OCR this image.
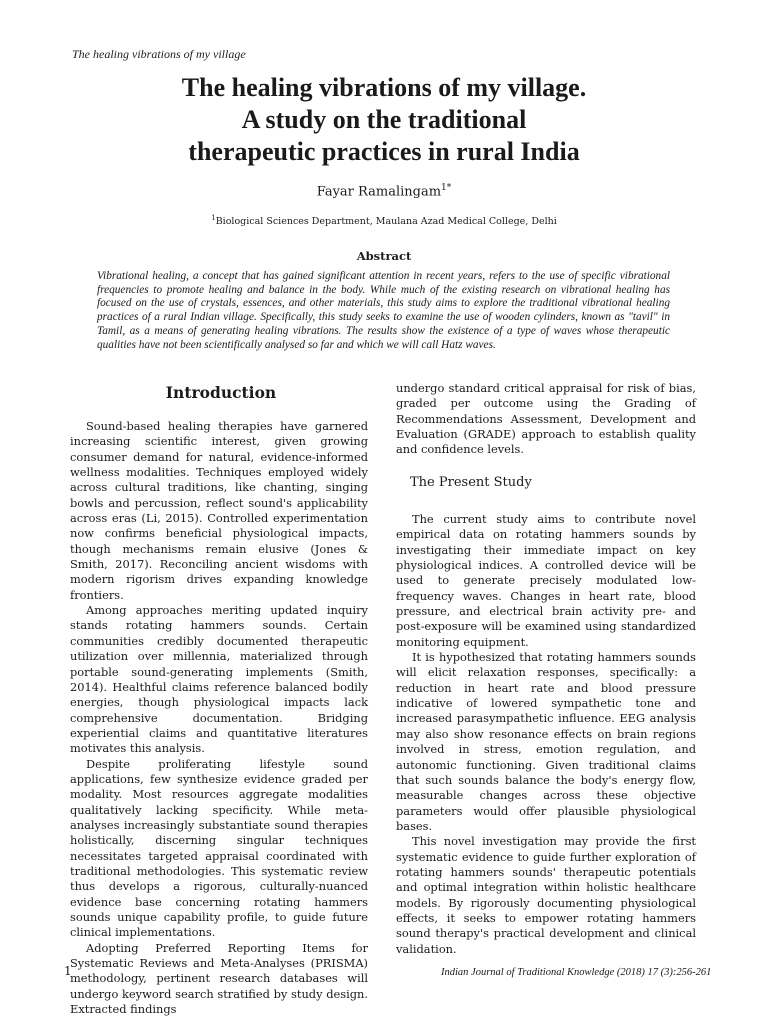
The healing vibrations of my village
The healing vibrations of my village.
A study on the traditional
therapeutic practices in rural India
Fayar Ramalingam$^{1*}$
$^1$Biological Sciences Department, Maulana Azad Medical College, Delhi
Abstract

Vibrational healing, a concept that has gained significant attention in recent years, refers to the use of specific vibrational frequencies to promote healing and balance in the body. While much of the existing research on vibrational healing has focused on the use of crystals, essences, and other materials, this study aims to explore the traditional vibrational healing practices of a rural Indian village. Specifically, this study seeks to examine the use of wooden cylinders, known as "tavil" in Tamil, as a means of generating healing vibrations. The results show the existence of a type of waves whose therapeutic qualities have not been scientifically analysed so far and which we will call Hatz waves.

Introduction

Sound-based healing therapies have garnered increasing scientific interest, given growing consumer demand for natural, evidence-informed wellness modalities. Techniques employed widely across cultural traditions, like chanting, singing bowls and percussion, reflect sound's applicability across eras (Li, 2015). Controlled experimentation now confirms beneficial physiological impacts, though mechanisms remain elusive (Jones & Smith, 2017). Reconciling ancient wisdoms with modern rigorism drives expanding knowledge frontiers.

Among approaches meriting updated inquiry stands rotating hammers sounds. Certain communities credibly documented therapeutic utilization over millennia, materialized through portable sound-generating implements (Smith, 2014). Healthful claims reference balanced bodily energies, though physiological impacts lack comprehensive documentation. Bridging experiential claims and quantitative literatures motivates this analysis.

Despite proliferating lifestyle sound applications, few synthesize evidence graded per modality. Most resources aggregate modalities qualitatively lacking specificity. While meta-analyses increasingly substantiate sound therapies holistically, discerning singular techniques necessitates targeted appraisal coordinated with traditional methodologies. This systematic review thus develops a rigorous, culturally-nuanced evidence base concerning rotating hammers sounds unique capability profile, to guide future clinical implementations.

Adopting Preferred Reporting Items for Systematic Reviews and Meta-Analyses (PRISMA) methodology, pertinent research databases will undergo keyword search stratified by study design. Extracted findings

undergo standard critical appraisal for risk of bias, graded per outcome using the Grading of Recommendations Assessment, Development and Evaluation (GRADE) approach to establish quality and confidence levels.

The Present Study

The current study aims to contribute novel empirical data on rotating hammers sounds by investigating their immediate impact on key physiological indices. A controlled device will be used to generate precisely modulated low-frequency waves. Changes in heart rate, blood pressure, and electrical brain activity pre- and post-exposure will be examined using standardized monitoring equipment.

It is hypothesized that rotating hammers sounds will elicit relaxation responses, specifically: a reduction in heart rate and blood pressure indicative of lowered sympathetic tone and increased parasympathetic influence. EEG analysis may also show resonance effects on brain regions involved in stress, emotion regulation, and autonomic functioning. Given traditional claims that such sounds balance the body's energy flow, measurable changes across these objective parameters would offer plausible physiological bases.

This novel investigation may provide the first systematic evidence to guide further exploration of rotating hammers sounds' therapeutic potentials and optimal integration within holistic healthcare models. By rigorously documenting physiological effects, it seeks to empower rotating hammers sound therapy's practical development and clinical validation.

1	Indian Journal of Traditional Knowledge (2018) 17 (3):256-261
